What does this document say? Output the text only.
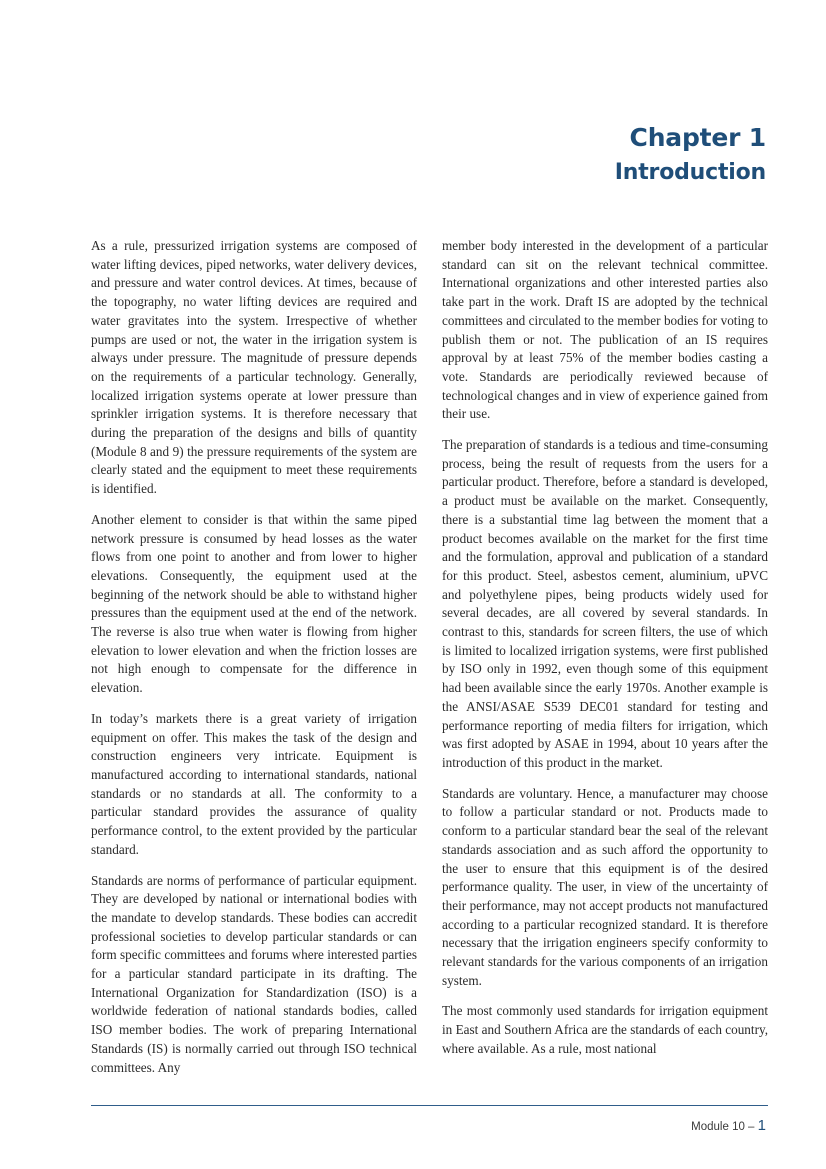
Chapter 1
Introduction

As a rule, pressurized irrigation systems are composed of water lifting devices, piped networks, water delivery devices, and pressure and water control devices. At times, because of the topography, no water lifting devices are required and water gravitates into the system. Irrespective of whether pumps are used or not, the water in the irrigation system is always under pressure. The magnitude of pressure depends on the requirements of a particular technology. Generally, localized irrigation systems operate at lower pressure than sprinkler irrigation systems. It is therefore necessary that during the preparation of the designs and bills of quantity (Module 8 and 9) the pressure requirements of the system are clearly stated and the equipment to meet these requirements is identified.

Another element to consider is that within the same piped network pressure is consumed by head losses as the water flows from one point to another and from lower to higher elevations. Consequently, the equipment used at the beginning of the network should be able to withstand higher pressures than the equipment used at the end of the network. The reverse is also true when water is flowing from higher elevation to lower elevation and when the friction losses are not high enough to compensate for the difference in elevation.

In today’s markets there is a great variety of irrigation equipment on offer. This makes the task of the design and construction engineers very intricate. Equipment is manufactured according to international standards, national standards or no standards at all. The conformity to a particular standard provides the assurance of quality performance control, to the extent provided by the particular standard.

Standards are norms of performance of particular equipment. They are developed by national or international bodies with the mandate to develop standards. These bodies can accredit professional societies to develop particular standards or can form specific committees and forums where interested parties for a particular standard participate in its drafting. The International Organization for Standardization (ISO) is a worldwide federation of national standards bodies, called ISO member bodies. The work of preparing International Standards (IS) is normally carried out through ISO technical committees. Any

member body interested in the development of a particular standard can sit on the relevant technical committee. International organizations and other interested parties also take part in the work. Draft IS are adopted by the technical committees and circulated to the member bodies for voting to publish them or not. The publication of an IS requires approval by at least 75% of the member bodies casting a vote. Standards are periodically reviewed because of technological changes and in view of experience gained from their use.

The preparation of standards is a tedious and time-consuming process, being the result of requests from the users for a particular product. Therefore, before a standard is developed, a product must be available on the market. Consequently, there is a substantial time lag between the moment that a product becomes available on the market for the first time and the formulation, approval and publication of a standard for this product. Steel, asbestos cement, aluminium, uPVC and polyethylene pipes, being products widely used for several decades, are all covered by several standards. In contrast to this, standards for screen filters, the use of which is limited to localized irrigation systems, were first published by ISO only in 1992, even though some of this equipment had been available since the early 1970s. Another example is the ANSI/ASAE S539 DEC01 standard for testing and performance reporting of media filters for irrigation, which was first adopted by ASAE in 1994, about 10 years after the introduction of this product in the market.

Standards are voluntary. Hence, a manufacturer may choose to follow a particular standard or not. Products made to conform to a particular standard bear the seal of the relevant standards association and as such afford the opportunity to the user to ensure that this equipment is of the desired performance quality. The user, in view of the uncertainty of their performance, may not accept products not manufactured according to a particular recognized standard. It is therefore necessary that the irrigation engineers specify conformity to relevant standards for the various components of an irrigation system.

The most commonly used standards for irrigation equipment in East and Southern Africa are the standards of each country, where available. As a rule, most national

Module 10 – 1
